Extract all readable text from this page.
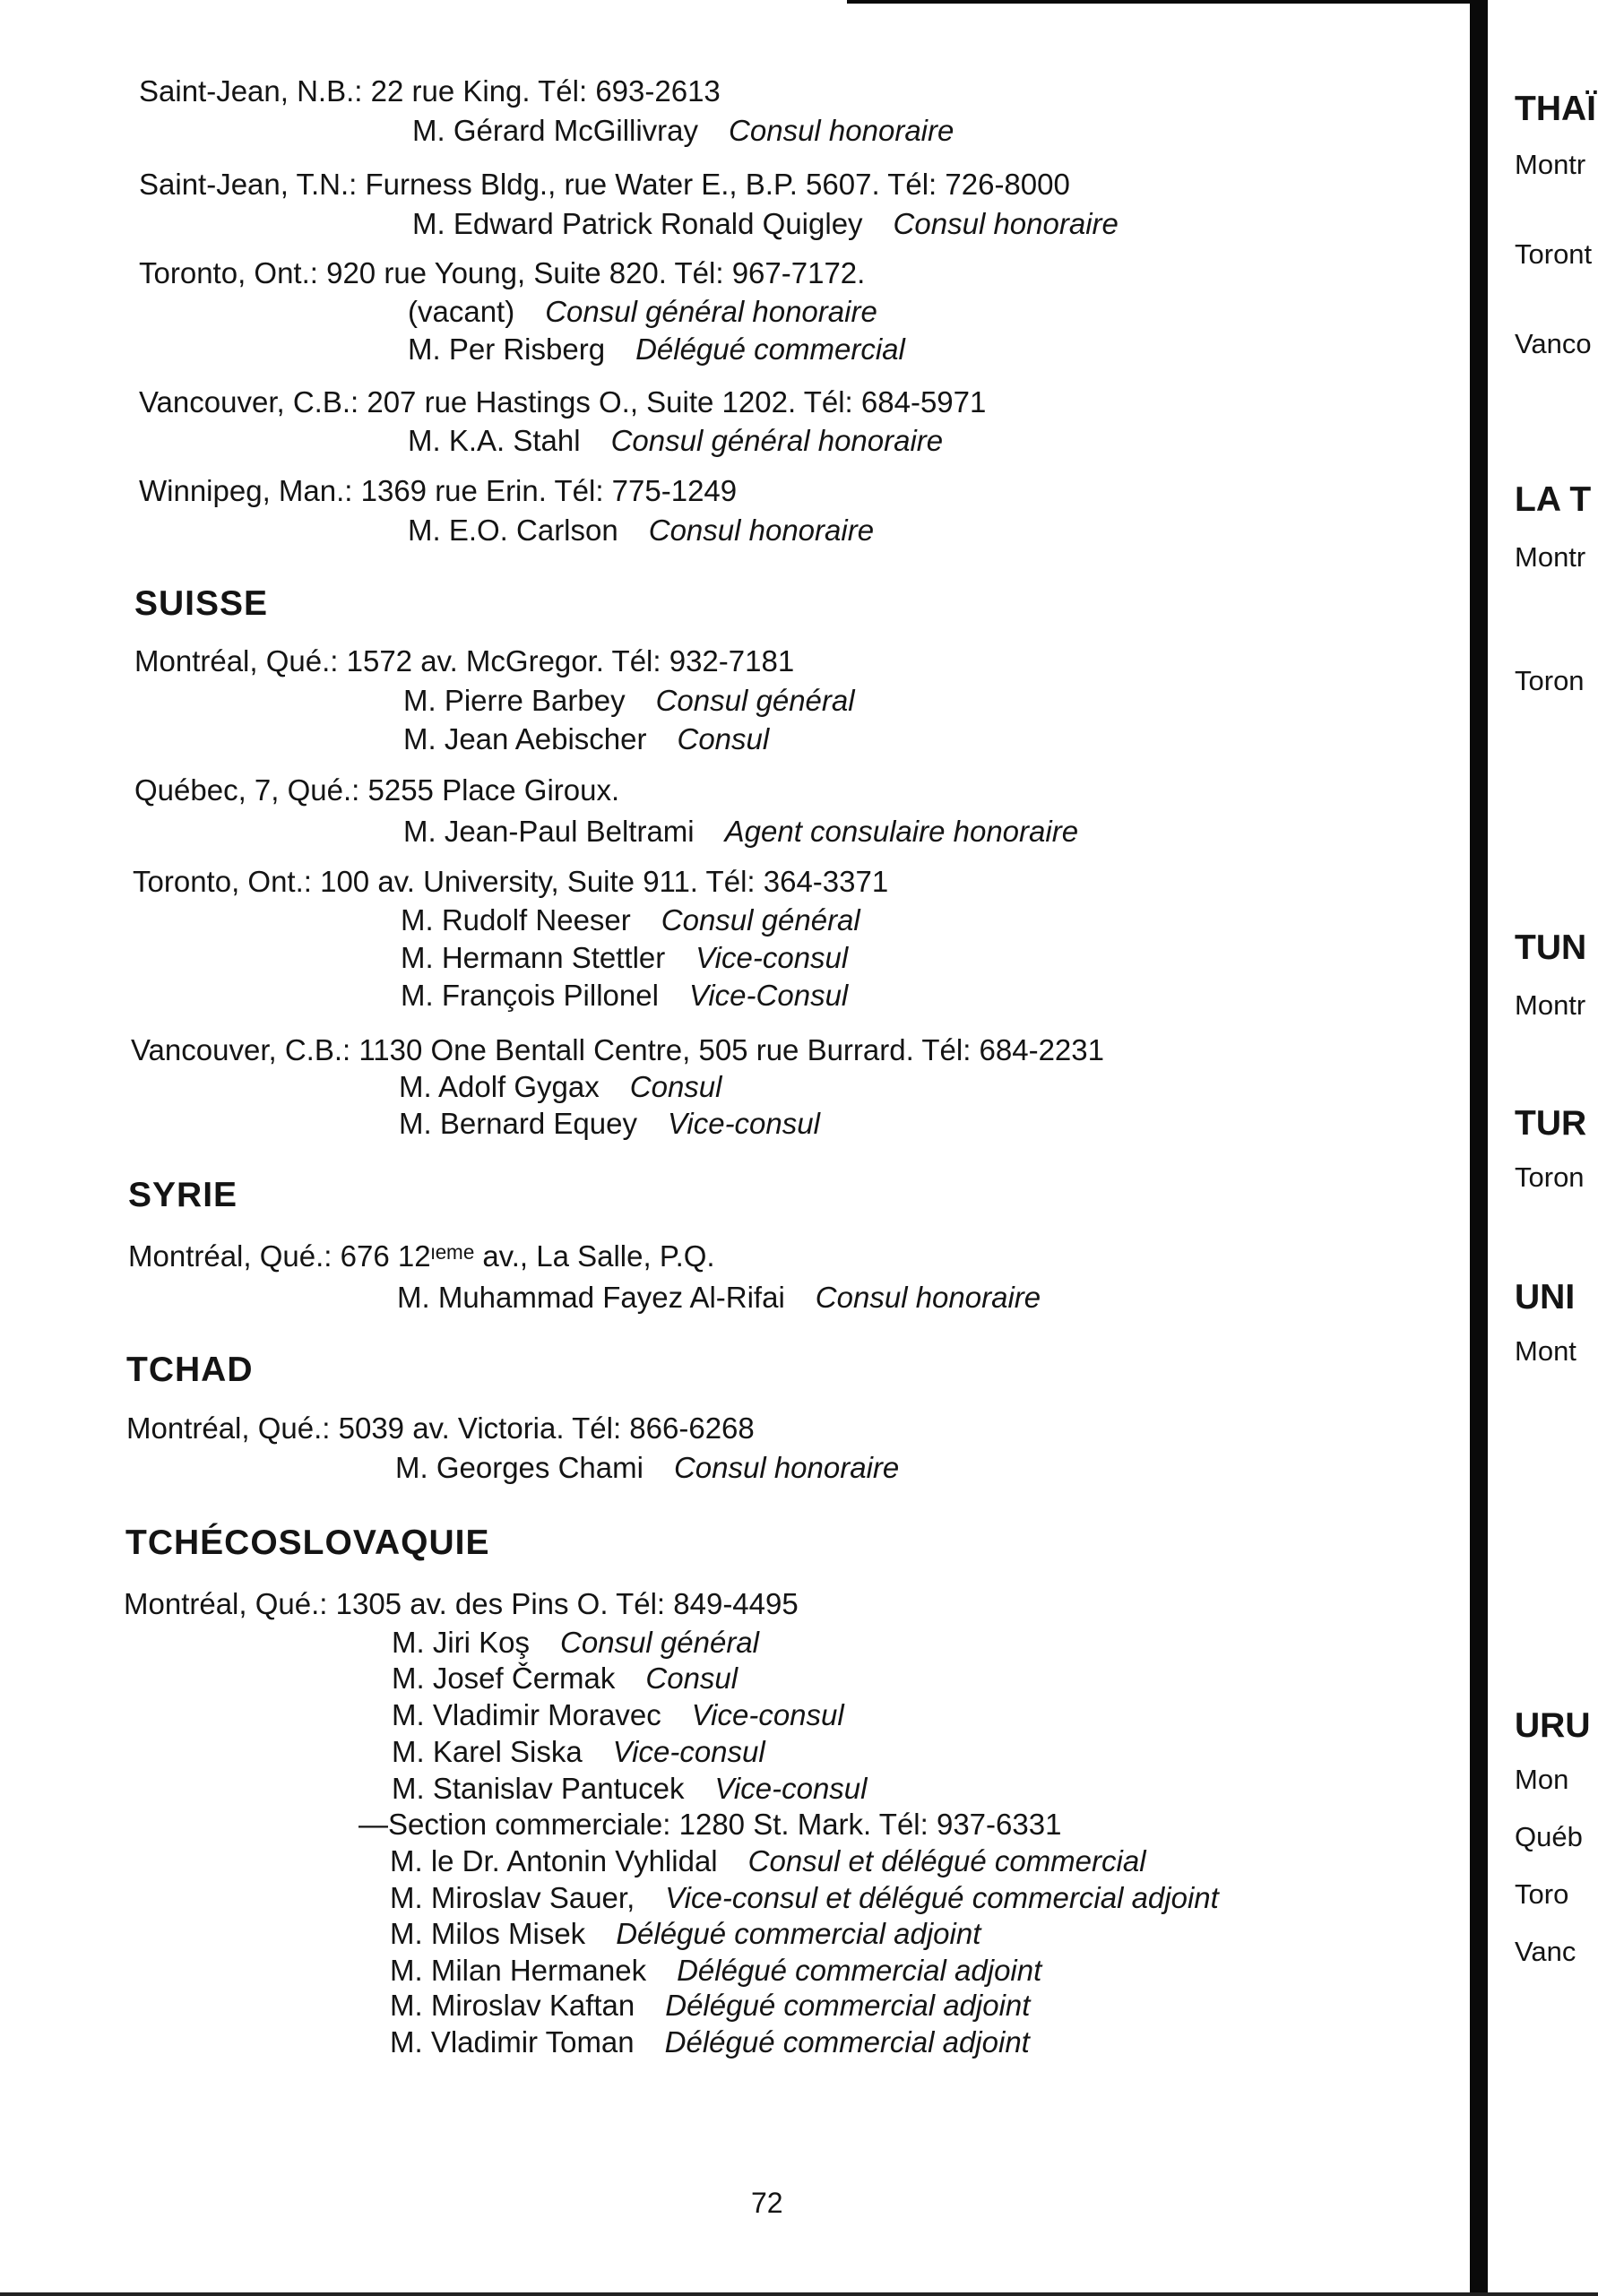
Saint-Jean, N.B.: 22 rue King. Tél: 693-2613
M. Gérard McGillivray Consul honoraire
Saint-Jean, T.N.: Furness Bldg., rue Water E., B.P. 5607. Tél: 726-8000
M. Edward Patrick Ronald Quigley Consul honoraire
Toronto, Ont.: 920 rue Young, Suite 820. Tél: 967-7172.
(vacant) Consul général honoraire
M. Per Risberg Délégué commercial
Vancouver, C.B.: 207 rue Hastings O., Suite 1202. Tél: 684-5971
M. K.A. Stahl Consul général honoraire
Winnipeg, Man.: 1369 rue Erin. Tél: 775-1249
M. E.O. Carlson Consul honoraire
SUISSE
Montréal, Qué.: 1572 av. McGregor. Tél: 932-7181
M. Pierre Barbey Consul général
M. Jean Aebischer Consul
Québec, 7, Qué.: 5255 Place Giroux.
M. Jean-Paul Beltrami Agent consulaire honoraire
Toronto, Ont.: 100 av. University, Suite 911. Tél: 364-3371
M. Rudolf Neeser Consul général
M. Hermann Stettler Vice-consul
M. François Pillonel Vice-Consul
Vancouver, C.B.: 1130 One Bentall Centre, 505 rue Burrard. Tél: 684-2231
M. Adolf Gygax Consul
M. Bernard Equey Vice-consul
SYRIE
Montréal, Qué.: 676 12ᶦᵉᵐᵉ av., La Salle, P.Q.
M. Muhammad Fayez Al-Rifai Consul honoraire
TCHAD
Montréal, Qué.: 5039 av. Victoria. Tél: 866-6268
M. Georges Chami Consul honoraire
TCHÉCOSLOVAQUIE
Montréal, Qué.: 1305 av. des Pins O. Tél: 849-4495
M. Jiri Koş Consul général
M. Josef Čermak Consul
M. Vladimir Moravec Vice-consul
M. Karel Siska Vice-consul
M. Stanislav Pantucek Vice-consul
—Section commerciale: 1280 St. Mark. Tél: 937-6331
M. le Dr. Antonin Vyhlidal Consul et délégué commercial
M. Miroslav Sauer, Vice-consul et délégué commercial adjoint
M. Milos Misek Délégué commercial adjoint
M. Milan Hermanek Délégué commercial adjoint
M. Miroslav Kaftan Délégué commercial adjoint
M. Vladimir Toman Délégué commercial adjoint
THAÏ
Montr
Toront
Vanco
LA T
Montr
Toron
TUN
Montr
TUR
Toron
UNI
Mont
URU
Mon
Québ
Toro
Vanc
72
